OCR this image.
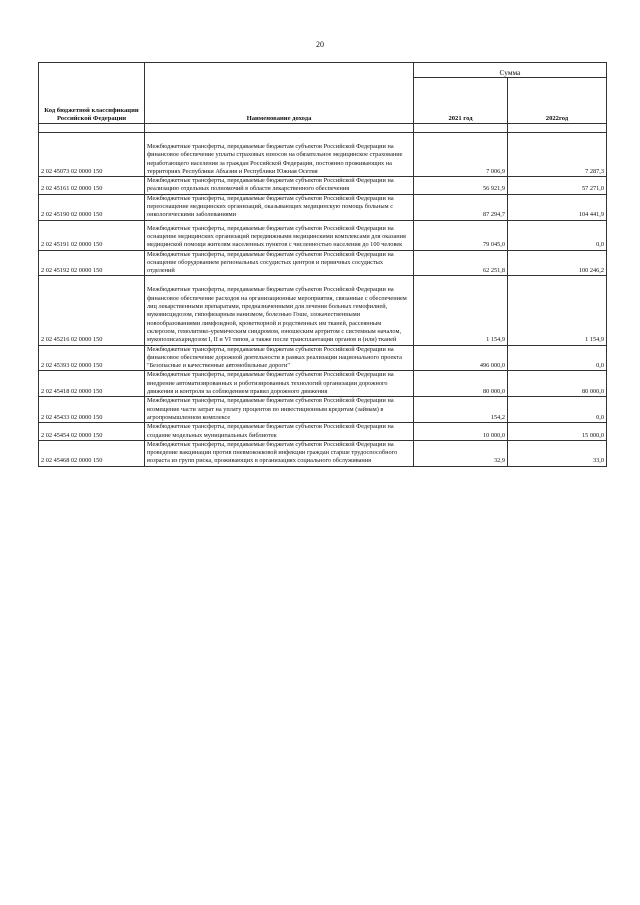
20
Код бюджетной классификации Российской Федерации	Наименование дохода	Сумма	
		2021 год	2022год

2 02 45073 02 0000 150	Межбюджетные трансферты, передаваемые бюджетам субъектов Российской Федерации на финансовое обеспечение уплаты страховых взносов на обязательное медицинское страхование неработающего населения за граждан Российской Федерации, постоянно проживающих на территориях Республики Абхазия и Республики Южная Осетия	7 006,9	7 287,3
2 02 45161 02 0000 150	Межбюджетные трансферты, передаваемые бюджетам субъектов Российской Федерации на реализацию отдельных полномочий в области лекарственного обеспечения	56 921,9	57 271,0
2 02 45190 02 0000 150	Межбюджетные трансферты, передаваемые бюджетам субъектов Российской Федерации на переоснащение медицинских организаций, оказывающих медицинскую помощь больным с онкологическими заболеваниями	87 294,7	104 441,9
2 02 45191 02 0000 150	Межбюджетные трансферты, передаваемые бюджетам субъектов Российской Федерации на оснащение медицинских организаций передвижными медицинскими комплексами для оказания медицинской помощи жителям населенных пунктов с численностью населения до 100 человек	79 045,0	0,0
2 02 45192 02 0000 150	Межбюджетные трансферты, передаваемые бюджетам субъектов Российской Федерации на оснащение оборудованием региональных сосудистых центров и первичных сосудистых отделений	62 251,8	100 246,2
2 02 45216 02 0000 150	Межбюджетные трансферты, передаваемые бюджетам субъектов Российской Федерации на финансовое обеспечение расходов на организационные мероприятия, связанные с обеспечением лиц лекарственными препаратами, предназначенными для лечения больных гемофилией, муковисцидозом, гипофизарным нанизмом, болезнью Гоше, злокачественными новообразованиями лимфоидной, кроветворной и родственных им тканей, рассеянным склерозом, гемолитико-уремическим синдромом, юношеским артритом с системным началом, мукополисахаридозом I, II и VI типов, а также после трансплантации органов и (или) тканей	1 154,9	1 154,9
2 02 45393 02 0000 150	Межбюджетные трансферты, передаваемые бюджетам субъектов Российской Федерации на финансовое обеспечение дорожной деятельности в рамках реализации национального проекта "Безопасные и качественные автомобильные дороги"	496 000,0	0,0
2 02 45418 02 0000 150	Межбюджетные трансферты, передаваемые бюджетам субъектов Российской Федерации на внедрение автоматизированных и роботизированных технологий организации дорожного движения и контроля за соблюдением правил дорожного движения	80 000,0	80 000,0
2 02 45433 02 0000 150	Межбюджетные трансферты, передаваемые бюджетам субъектов Российской Федерации на возмещение части затрат на уплату процентов по инвестиционным кредитам (займам) в агропромышленном комплексе	154,2	0,0
2 02 45454 02 0000 150	Межбюджетные трансферты, передаваемые бюджетам субъектов Российской Федерации на создание модельных муниципальных библиотек	10 000,0	15 000,0
2 02 45468 02 0000 150	Межбюджетные трансферты, передаваемые бюджетам субъектов Российской Федерации на проведение вакцинации против пневмококковой инфекции граждан старше трудоспособного возраста из групп риска, проживающих в организациях социального обслуживания	32,9	33,0
